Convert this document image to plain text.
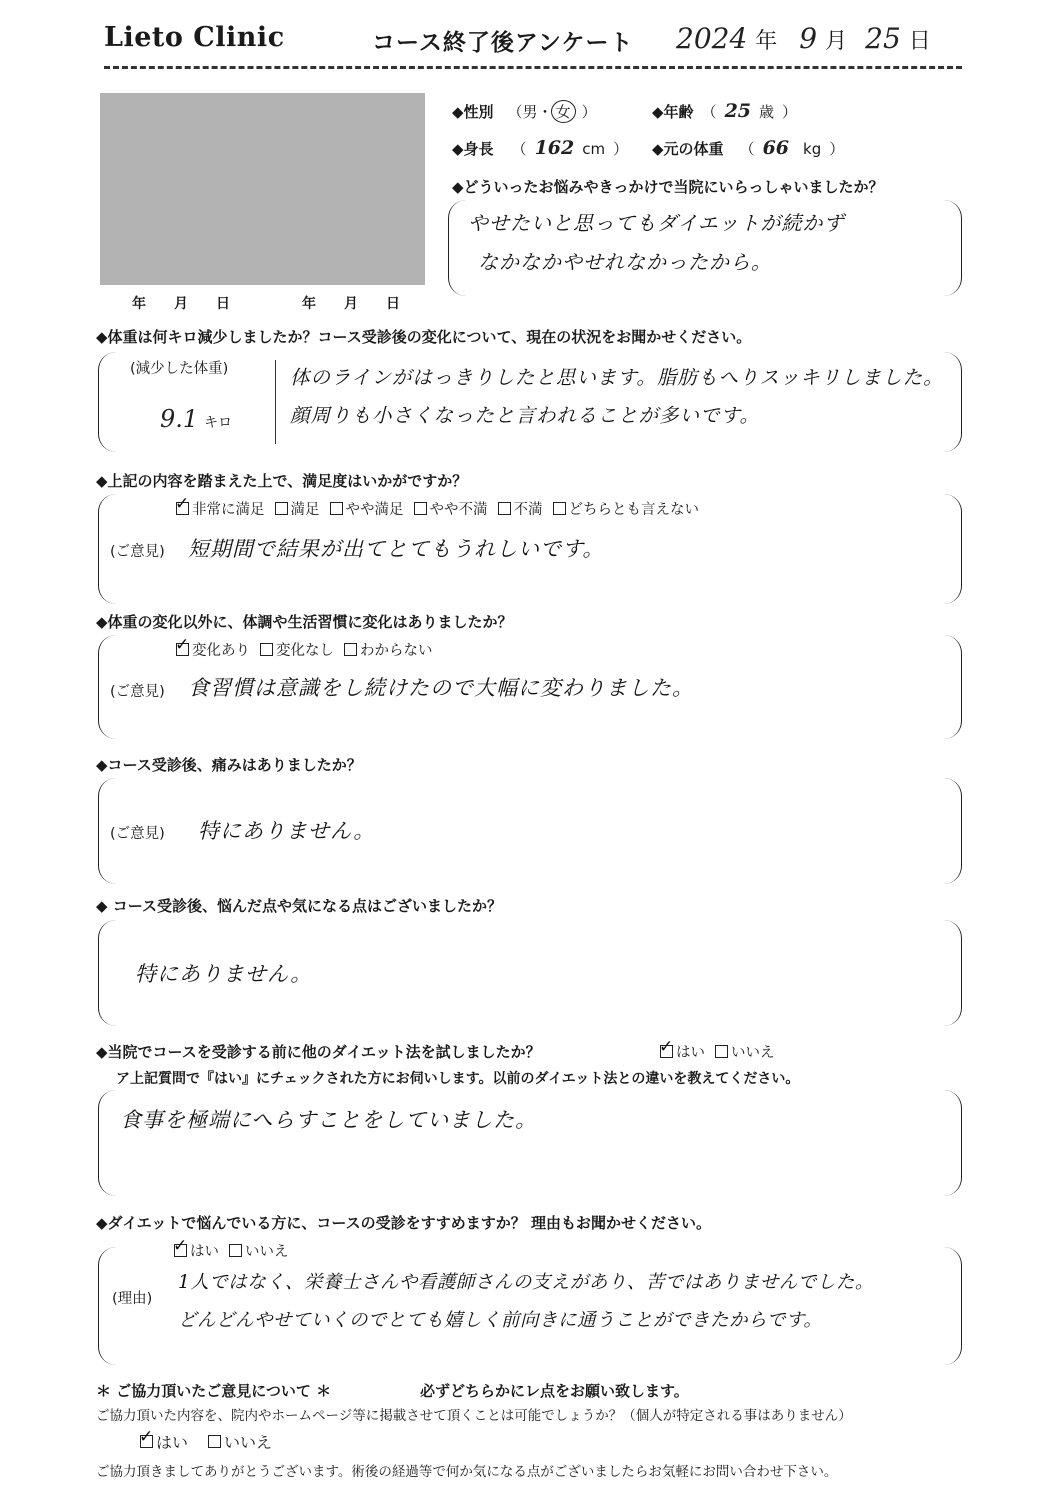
Lieto Clinic	コース終了後アンケート 2024 年 9 月 25 日
年　　月　　日	年　　月　　日
◆性別 （男・ 女 ）	◆年齢 （ 25 歳 ）
◆身長 （ 162 cm ） ◆元の体重 （ 66 kg ）
◆どういったお悩みやきっかけで当院にいらっしゃいましたか？
やせたいと思ってもダイエットが続かず
なかなかやせれなかったから。
◆体重は何キロ減少しましたか？コース受診後の変化について、現在の状況をお聞かせください。
(減少した体重)
9.1 キロ
体のラインがはっきりしたと思います。脂肪もへりスッキリしました。
顔周りも小さくなったと言われることが多いです。
◆上記の内容を踏まえた上で、満足度はいかがですか？
✓
非常に満足 満足 やや満足 やや不満 不満 どちらとも言えない
(ご意見) 短期間で結果が出てとてもうれしいです。
◆体重の変化以外に、体調や生活習慣に変化はありましたか？
✓
変化あり 変化なし わからない
(ご意見) 食習慣は意識をし続けたので大幅に変わりました。
◆コース受診後、痛みはありましたか？
(ご意見) 特にありません。
◆ コース受診後、悩んだ点や気になる点はございましたか？
特にありません。
◆当院でコースを受診する前に他のダイエット法を試しましたか？
✓	はい いいえ
ア上記質問で『はい』にチェックされた方にお伺いします。以前のダイエット法との違いを教えてください。
食事を極端にへらすことをしていました。
◆ダイエットで悩んでいる方に、コースの受診をすすめますか？ 理由もお聞かせください。
✓
はい いいえ
(理由)
1人ではなく、栄養士さんや看護師さんの支えがあり、苦ではありませんでした。
どんどんやせていくのでとても嬉しく前向きに通うことができたからです。
＊ ご協力頂いたご意見について ＊	必ずどちらかにレ点をお願い致します。
ご協力頂いた内容を、院内やホームページ等に掲載させて頂くことは可能でしょうか？（個人が特定される事はありません）
✓
はい いいえ
ご協力頂きましてありがとうございます。術後の経過等で何か気になる点がございましたらお気軽にお問い合わせ下さい。
